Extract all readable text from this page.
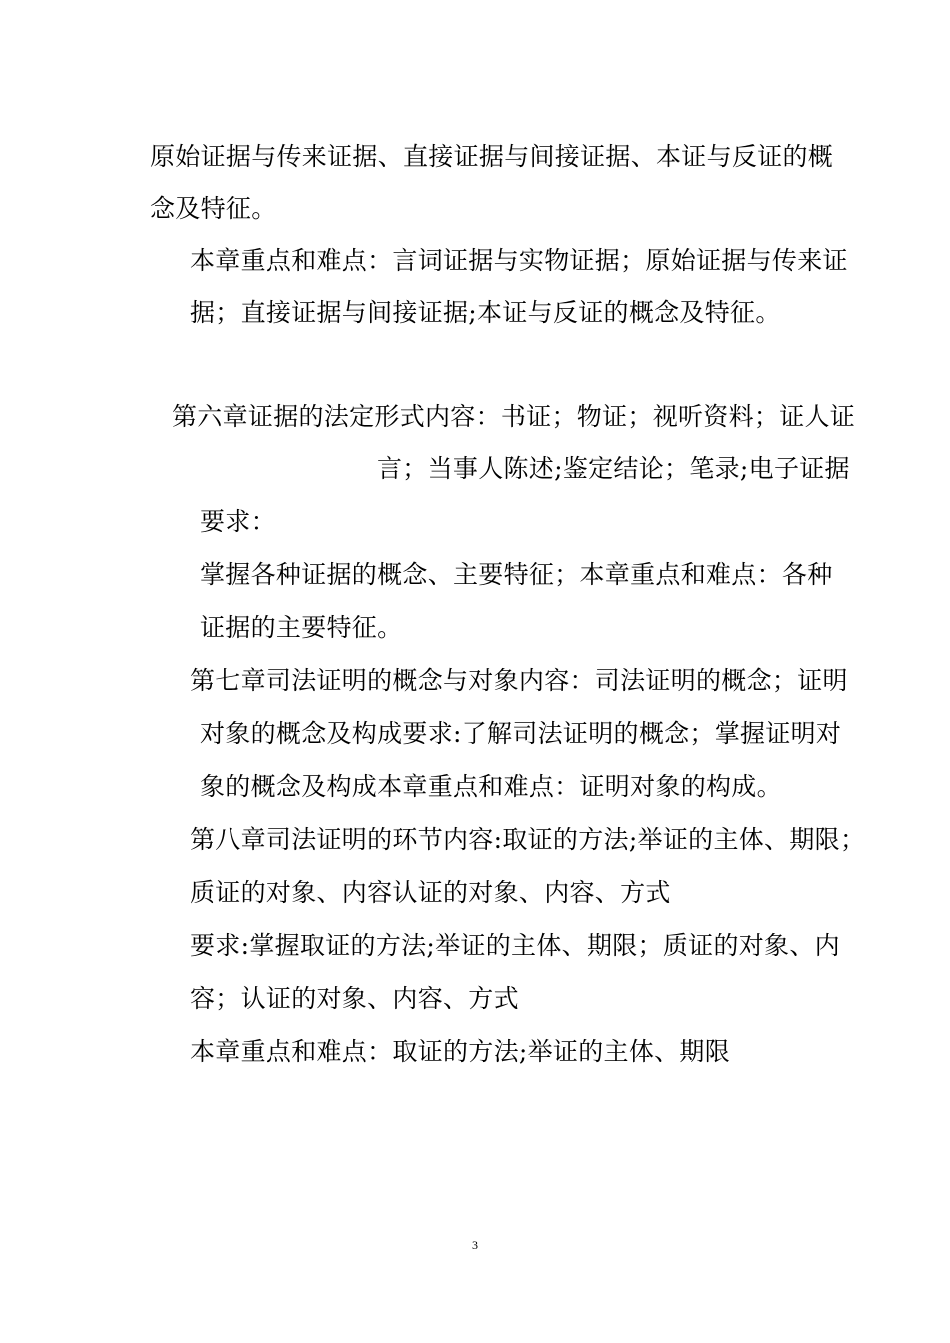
原始证据与传来证据、直接证据与间接证据、本证与反证的概
念及特征。
本章重点和难点：言词证据与实物证据；原始证据与传来证
据；直接证据与间接证据;本证与反证的概念及特征。
第六章证据的法定形式内容：书证；物证；视听资料；证人证
言；当事人陈述;鉴定结论；笔录;电子证据
要求：
掌握各种证据的概念、主要特征；本章重点和难点：各种
证据的主要特征。
第七章司法证明的概念与对象内容：司法证明的概念；证明
对象的概念及构成要求:了解司法证明的概念；掌握证明对
象的概念及构成本章重点和难点：证明对象的构成。
第八章司法证明的环节内容:取证的方法;举证的主体、期限；
质证的对象、内容认证的对象、内容、方式
要求:掌握取证的方法;举证的主体、期限；质证的对象、内
容；认证的对象、内容、方式
本章重点和难点：取证的方法;举证的主体、期限
3
